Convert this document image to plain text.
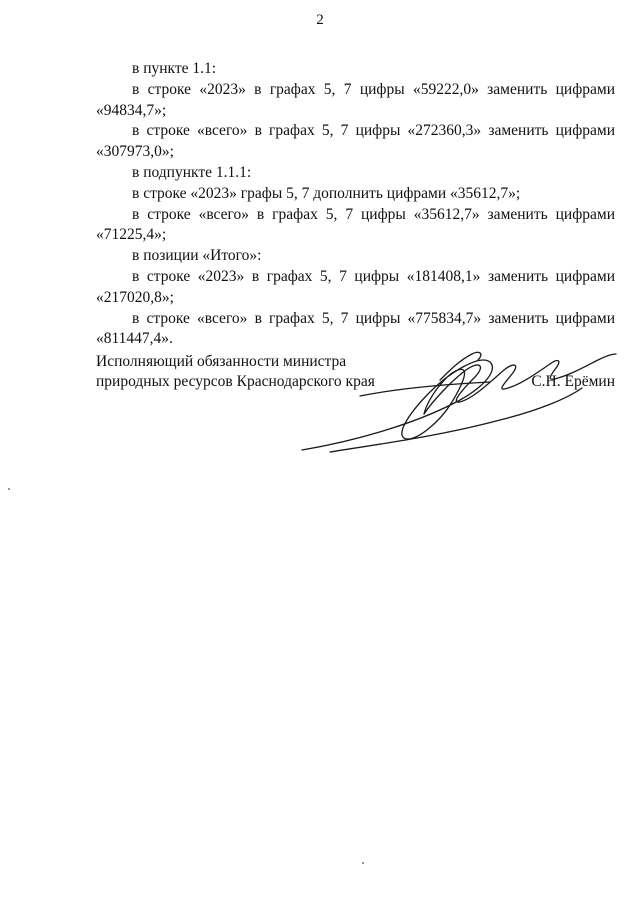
2
в пункте 1.1:
в строке «2023» в графах 5, 7 цифры «59222,0» заменить цифрами «94834,7»;
в строке «всего» в графах 5, 7 цифры «272360,3» заменить цифрами «307973,0»;
в подпункте 1.1.1:
в строке «2023» графы 5, 7 дополнить цифрами «35612,7»;
в строке «всего» в графах 5, 7 цифры «35612,7» заменить цифрами «71225,4»;
в позиции «Итого»:
в строке «2023» в графах 5, 7 цифры «181408,1» заменить цифрами «217020,8»;
в строке «всего» в графах 5, 7 цифры «775834,7» заменить цифрами «811447,4».
Исполняющий обязанности министра
природных ресурсов Краснодарского края	С.Н. Ерёмин
